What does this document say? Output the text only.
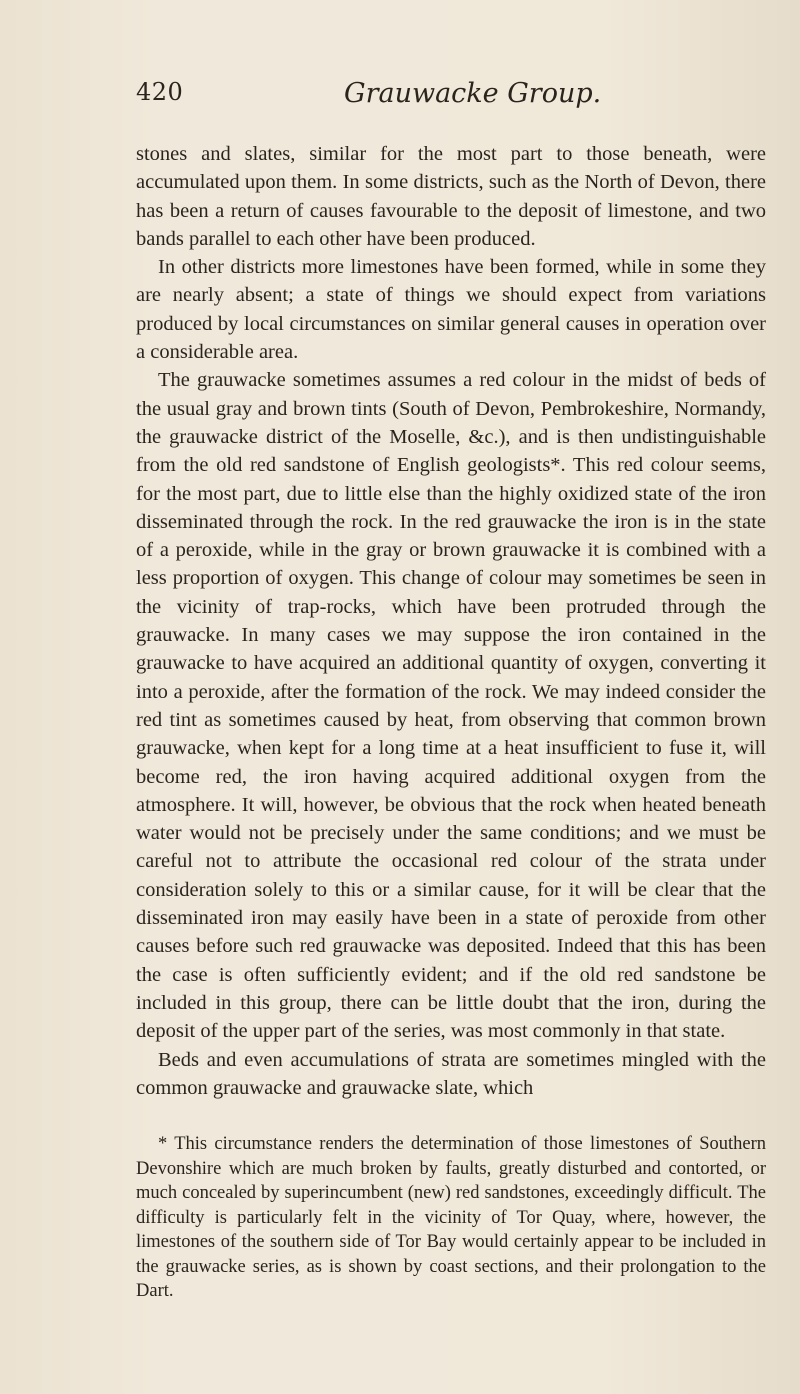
420	Grauwacke Group.

stones and slates, similar for the most part to those beneath, were accumulated upon them. In some districts, such as the North of Devon, there has been a return of causes favourable to the deposit of limestone, and two bands parallel to each other have been produced.

In other districts more limestones have been formed, while in some they are nearly absent; a state of things we should expect from variations produced by local circumstances on similar general causes in operation over a considerable area.

The grauwacke sometimes assumes a red colour in the midst of beds of the usual gray and brown tints (South of Devon, Pembrokeshire, Normandy, the grauwacke district of the Moselle, &c.), and is then undistinguishable from the old red sandstone of English geologists*. This red colour seems, for the most part, due to little else than the highly oxidized state of the iron disseminated through the rock. In the red grauwacke the iron is in the state of a peroxide, while in the gray or brown grauwacke it is combined with a less proportion of oxygen. This change of colour may sometimes be seen in the vicinity of trap-rocks, which have been protruded through the grauwacke. In many cases we may suppose the iron contained in the grauwacke to have acquired an additional quantity of oxygen, converting it into a peroxide, after the formation of the rock. We may indeed consider the red tint as sometimes caused by heat, from observing that common brown grauwacke, when kept for a long time at a heat insufficient to fuse it, will become red, the iron having acquired additional oxygen from the atmosphere. It will, however, be obvious that the rock when heated beneath water would not be precisely under the same conditions; and we must be careful not to attribute the occasional red colour of the strata under consideration solely to this or a similar cause, for it will be clear that the disseminated iron may easily have been in a state of peroxide from other causes before such red grauwacke was deposited. Indeed that this has been the case is often sufficiently evident; and if the old red sandstone be included in this group, there can be little doubt that the iron, during the deposit of the upper part of the series, was most commonly in that state.

Beds and even accumulations of strata are sometimes mingled with the common grauwacke and grauwacke slate, which

* This circumstance renders the determination of those limestones of Southern Devonshire which are much broken by faults, greatly disturbed and contorted, or much concealed by superincumbent (new) red sandstones, exceedingly difficult. The difficulty is particularly felt in the vicinity of Tor Quay, where, however, the limestones of the southern side of Tor Bay would certainly appear to be included in the grauwacke series, as is shown by coast sections, and their prolongation to the Dart.
